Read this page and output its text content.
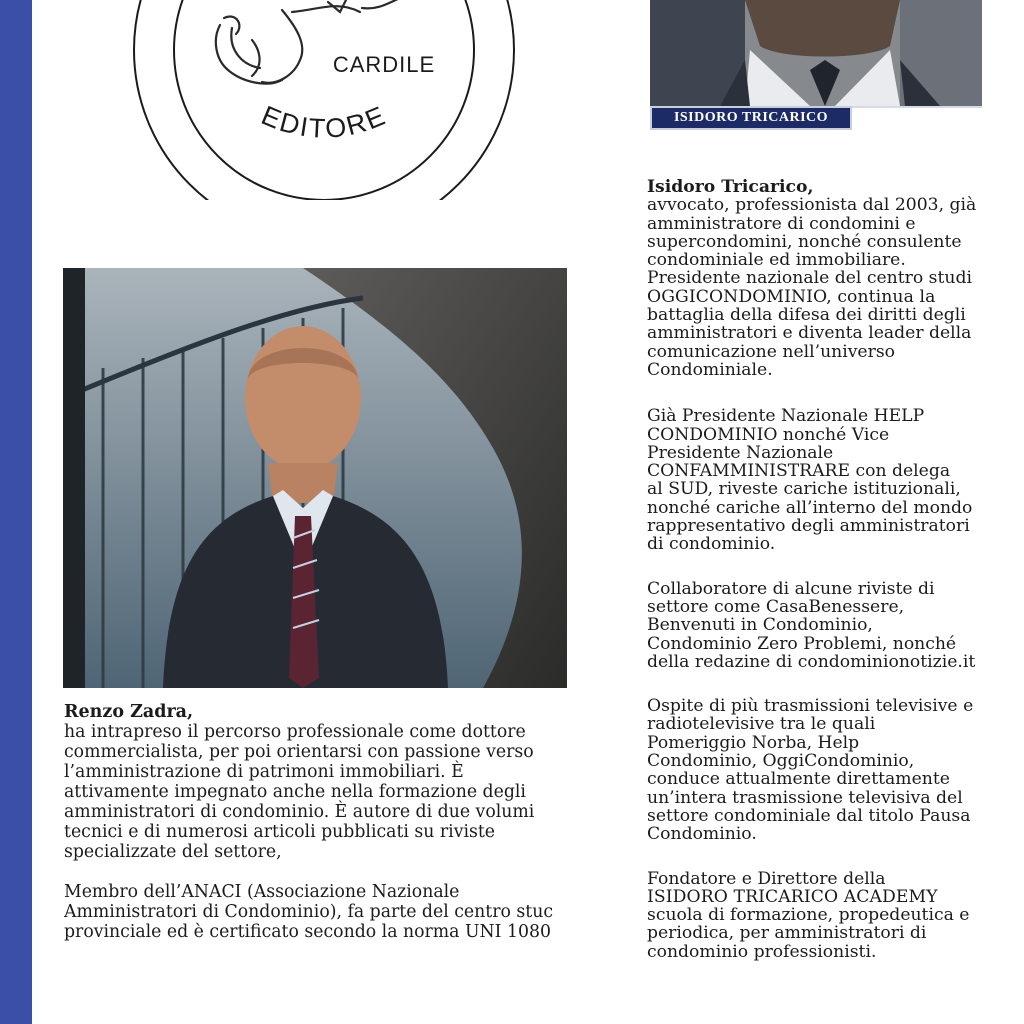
CARDILE
EDITORE	ISIDORO TRICARICO

Renzo Zadra,

ha intrapreso il percorso professionale come dottore
commercialista, per poi orientarsi con passione verso
l’amministrazione di patrimoni immobiliari. È
attivamente impegnato anche nella formazione degli
amministratori di condominio. È autore di due volumi
tecnici e di numerosi articoli pubblicati su riviste
specializzate del settore,

Membro dell’ANACI (Associazione Nazionale
Amministratori di Condominio), fa parte del centro stuc
provinciale ed è certificato secondo la norma UNI 1080

Isidoro Tricarico,

avvocato, professionista dal 2003, già
amministratore di condomini e
supercondomini, nonché consulente
condominiale ed immobiliare.
Presidente nazionale del centro studi
OGGICONDOMINIO, continua la
battaglia della difesa dei diritti degli
amministratori e diventa leader della
comunicazione nell’universo
Condominiale.

Già Presidente Nazionale HELP
CONDOMINIO nonché Vice
Presidente Nazionale
CONFAMMINISTRARE con delega
al SUD, riveste cariche istituzionali,
nonché cariche all’interno del mondo
rappresentativo degli amministratori
di condominio.

Collaboratore di alcune riviste di
settore come CasaBenessere,
Benvenuti in Condominio,
Condominio Zero Problemi, nonché
della redazine di condominionotizie.it

Ospite di più trasmissioni televisive e
radiotelevisive tra le quali
Pomeriggio Norba, Help
Condominio, OggiCondominio,
conduce attualmente direttamente
un’intera trasmissione televisiva del
settore condominiale dal titolo Pausa
Condominio.

Fondatore e Direttore della
ISIDORO TRICARICO ACADEMY
scuola di formazione, propedeutica e
periodica, per amministratori di
condominio professionisti.
